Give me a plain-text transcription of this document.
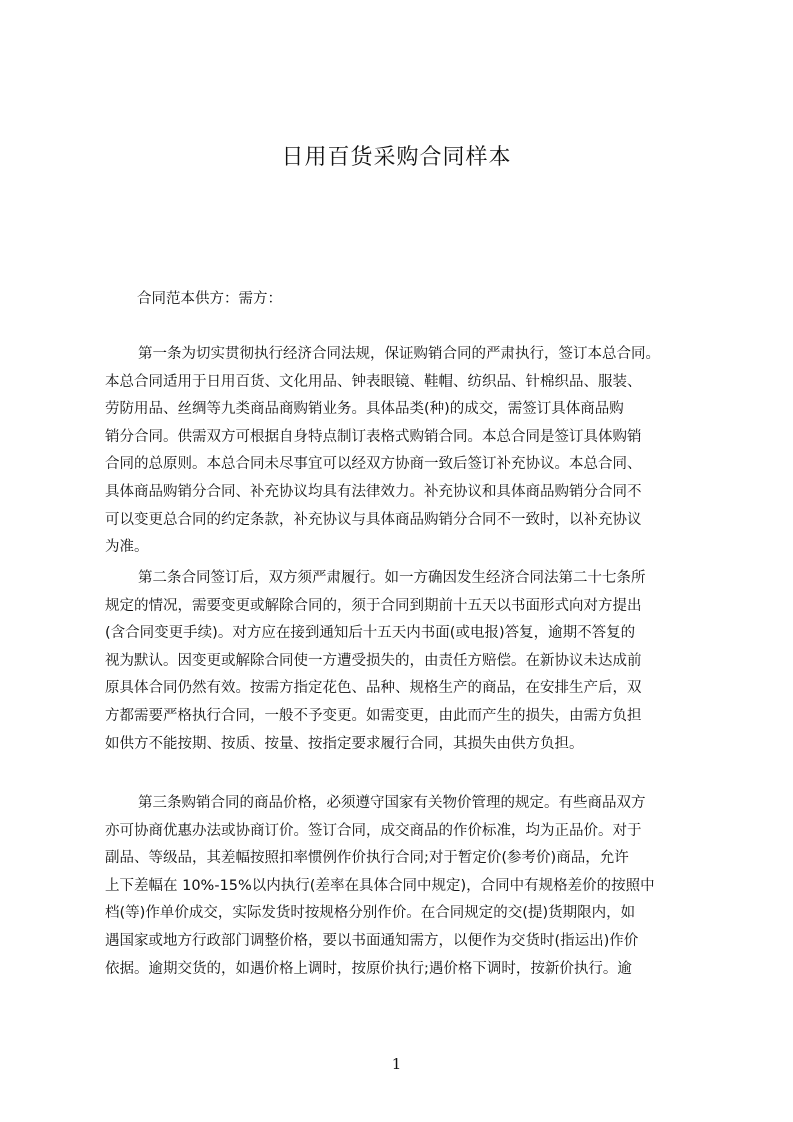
日用百货采购合同样本
合同范本供方：需方：
第一条为切实贯彻执行经济合同法规，保证购销合同的严肃执行，签订本总合同。
本总合同适用于日用百货、文化用品、钟表眼镜、鞋帽、纺织品、针棉织品、服装、
劳防用品、丝绸等九类商品商购销业务。具体品类(种)的成交，需签订具体商品购
销分合同。供需双方可根据自身特点制订表格式购销合同。本总合同是签订具体购销
合同的总原则。本总合同未尽事宜可以经双方协商一致后签订补充协议。本总合同、
具体商品购销分合同、补充协议均具有法律效力。补充协议和具体商品购销分合同不
可以变更总合同的约定条款，补充协议与具体商品购销分合同不一致时，以补充协议
为准。
第二条合同签订后，双方须严肃履行。如一方确因发生经济合同法第二十七条所
规定的情况，需要变更或解除合同的，须于合同到期前十五天以书面形式向对方提出
(含合同变更手续)。对方应在接到通知后十五天内书面(或电报)答复，逾期不答复的
视为默认。因变更或解除合同使一方遭受损失的，由责任方赔偿。在新协议未达成前
原具体合同仍然有效。按需方指定花色、品种、规格生产的商品，在安排生产后，双
方都需要严格执行合同，一般不予变更。如需变更，由此而产生的损失，由需方负担
如供方不能按期、按质、按量、按指定要求履行合同，其损失由供方负担。
第三条购销合同的商品价格，必须遵守国家有关物价管理的规定。有些商品双方
亦可协商优惠办法或协商订价。签订合同，成交商品的作价标准，均为正品价。对于
副品、等级品，其差幅按照扣率惯例作价执行合同;对于暂定价(参考价)商品，允许
上下差幅在 10%-15%以内执行(差率在具体合同中规定)，合同中有规格差价的按照中
档(等)作单价成交，实际发货时按规格分别作价。在合同规定的交(提)货期限内，如
遇国家或地方行政部门调整价格，要以书面通知需方，以便作为交货时(指运出)作价
依据。逾期交货的，如遇价格上调时，按原价执行;遇价格下调时，按新价执行。逾
1
